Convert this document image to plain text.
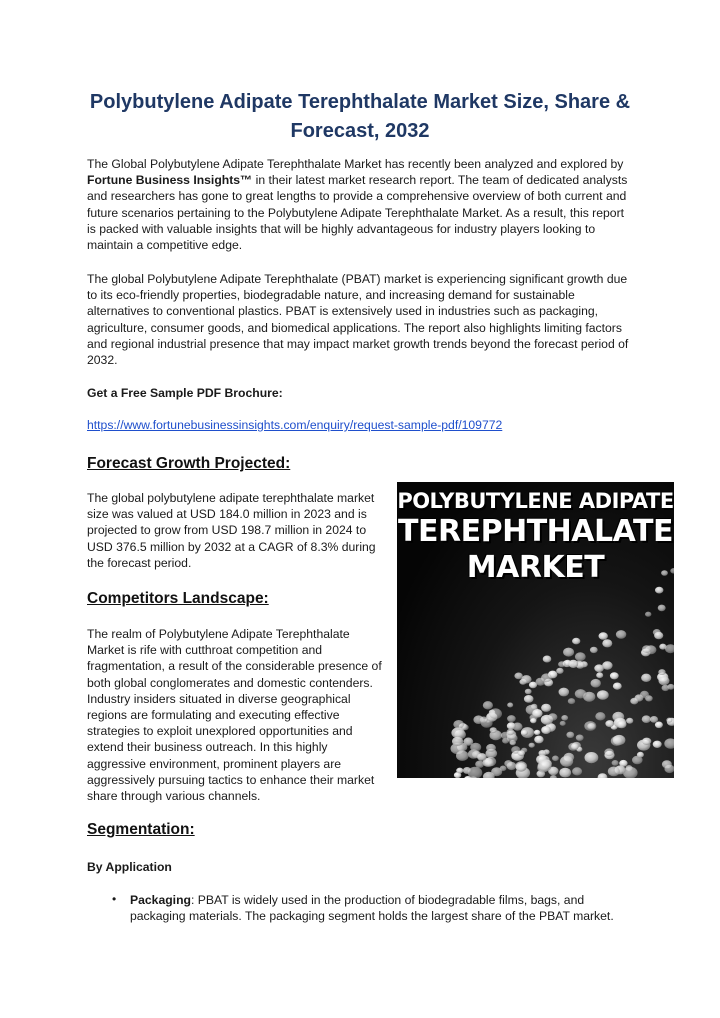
Polybutylene Adipate Terephthalate Market Size, Share & Forecast, 2032

The Global Polybutylene Adipate Terephthalate Market has recently been analyzed and explored by Fortune Business Insights™ in their latest market research report. The team of dedicated analysts and researchers has gone to great lengths to provide a comprehensive overview of both current and future scenarios pertaining to the Polybutylene Adipate Terephthalate Market. As a result, this report is packed with valuable insights that will be highly advantageous for industry players looking to maintain a competitive edge.

The global Polybutylene Adipate Terephthalate (PBAT) market is experiencing significant growth due to its eco-friendly properties, biodegradable nature, and increasing demand for sustainable alternatives to conventional plastics. PBAT is extensively used in industries such as packaging, agriculture, consumer goods, and biomedical applications. The report also highlights limiting factors and regional industrial presence that may impact market growth trends beyond the forecast period of 2032.

Get a Free Sample PDF Brochure:
https://www.fortunebusinessinsights.com/enquiry/request-sample-pdf/109772
Forecast Growth Projected:

The global polybutylene adipate terephthalate market size was valued at USD 184.0 million in 2023 and is projected to grow from USD 198.7 million in 2024 to USD 376.5 million by 2032 at a CAGR of 8.3% during the forecast period.

POLYBUTYLENE ADIPATE
TEREPHTHALATE
MARKET
Competitors Landscape:

The realm of Polybutylene Adipate Terephthalate Market is rife with cutthroat competition and fragmentation, a result of the considerable presence of both global conglomerates and domestic contenders. Industry insiders situated in diverse geographical regions are formulating and executing effective strategies to exploit unexplored opportunities and extend their business outreach. In this highly aggressive environment, prominent players are aggressively pursuing tactics to enhance their market share through various channels.

Segmentation:
By Application
• Packaging: PBAT is widely used in the production of biodegradable films, bags, and packaging materials. The packaging segment holds the largest share of the PBAT market.
